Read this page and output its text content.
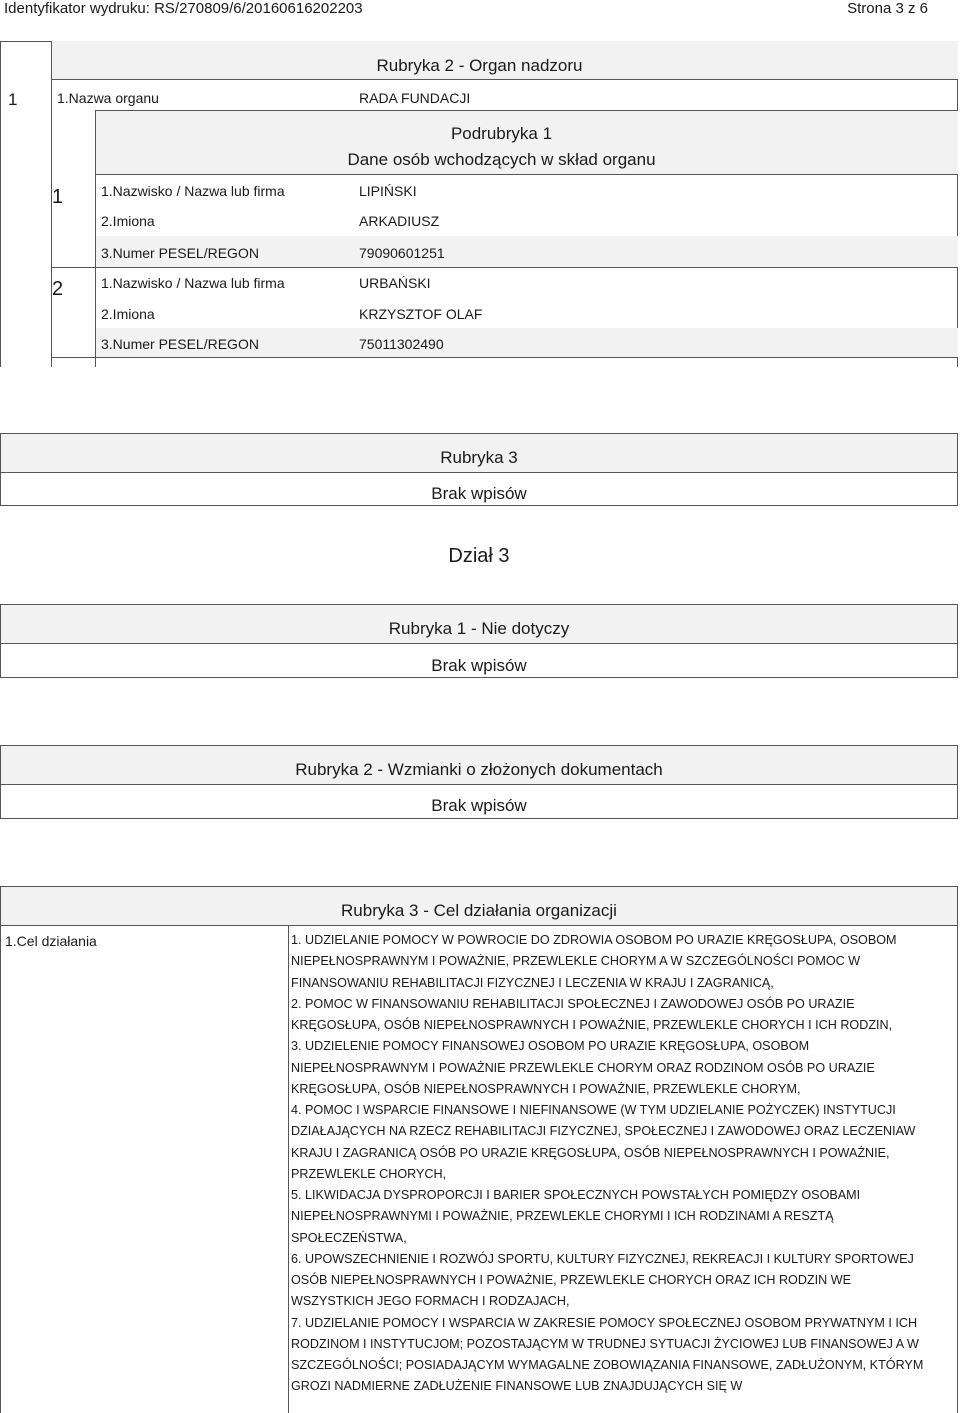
Identyfikator wydruku: RS/270809/6/20160616202203	Strona 3 z 6
Rubryka 2 - Organ nadzoru
1	1.Nazwa organu	RADA FUNDACJI
Podrubryka 1
Dane osób wchodzących w skład organu
1	1.Nazwisko / Nazwa lub firma	LIPIŃSKI
2.Imiona	ARKADIUSZ
3.Numer PESEL/REGON	79090601251
2	1.Nazwisko / Nazwa lub firma	URBAŃSKI
2.Imiona	KRZYSZTOF OLAF
3.Numer PESEL/REGON	75011302490
Rubryka 3
Brak wpisów
Dział 3
Rubryka 1 - Nie dotyczy
Brak wpisów
Rubryka 2 - Wzmianki o złożonych dokumentach
Brak wpisów
Rubryka 3 - Cel działania organizacji
1.Cel działania	1. UDZIELANIE POMOCY W POWROCIE DO ZDROWIA OSOBOM PO URAZIE KRĘGOSŁUPA, OSOBOM NIEPEŁNOSPRAWNYM I POWAŻNIE, PRZEWLEKLE CHORYM A W SZCZEGÓLNOŚCI POMOC W FINANSOWANIU REHABILITACJI FIZYCZNEJ I LECZENIA W KRAJU I ZAGRANICĄ,

2. POMOC W FINANSOWANIU REHABILITACJI SPOŁECZNEJ I ZAWODOWEJ OSÓB PO URAZIE KRĘGOSŁUPA, OSÓB NIEPEŁNOSPRAWNYCH I POWAŻNIE, PRZEWLEKLE CHORYCH I ICH RODZIN,

3. UDZIELENIE POMOCY FINANSOWEJ OSOBOM PO URAZIE KRĘGOSŁUPA, OSOBOM NIEPEŁNOSPRAWNYM I POWAŻNIE PRZEWLEKLE CHORYM ORAZ RODZINOM OSÓB PO URAZIE KRĘGOSŁUPA, OSÓB NIEPEŁNOSPRAWNYCH I POWAŻNIE, PRZEWLEKLE CHORYM,

4. POMOC I WSPARCIE FINANSOWE I NIEFINANSOWE (W TYM UDZIELANIE POŻYCZEK) INSTYTUCJI DZIAŁAJĄCYCH NA RZECZ REHABILITACJI FIZYCZNEJ, SPOŁECZNEJ I ZAWODOWEJ ORAZ LECZENIAW KRAJU I ZAGRANICĄ OSÓB PO URAZIE KRĘGOSŁUPA, OSÓB NIEPEŁNOSPRAWNYCH I POWAŻNIE, PRZEWLEKLE CHORYCH,

5. LIKWIDACJA DYSPROPORCJI I BARIER SPOŁECZNYCH POWSTAŁYCH POMIĘDZY OSOBAMI NIEPEŁNOSPRAWNYMI I POWAŻNIE, PRZEWLEKLE CHORYMI I ICH RODZINAMI A RESZTĄ SPOŁECZEŃSTWA,

6. UPOWSZECHNIENIE I ROZWÓJ SPORTU, KULTURY FIZYCZNEJ, REKREACJI I KULTURY SPORTOWEJ OSÓB NIEPEŁNOSPRAWNYCH I POWAŻNIE, PRZEWLEKLE CHORYCH ORAZ ICH RODZIN WE WSZYSTKICH JEGO FORMACH I RODZAJACH,

7. UDZIELANIE POMOCY I WSPARCIA W ZAKRESIE POMOCY SPOŁECZNEJ OSOBOM PRYWATNYM I ICH RODZINOM I INSTYTUCJOM; POZOSTAJĄCYM W TRUDNEJ SYTUACJI ŻYCIOWEJ LUB FINANSOWEJ A W SZCZEGÓLNOŚCI; POSIADAJĄCYM WYMAGALNE ZOBOWIĄZANIA FINANSOWE, ZADŁUŻONYM, KTÓRYM GROZI NADMIERNE ZADŁUŻENIE FINANSOWE LUB ZNAJDUJĄCYCH SIĘ W
